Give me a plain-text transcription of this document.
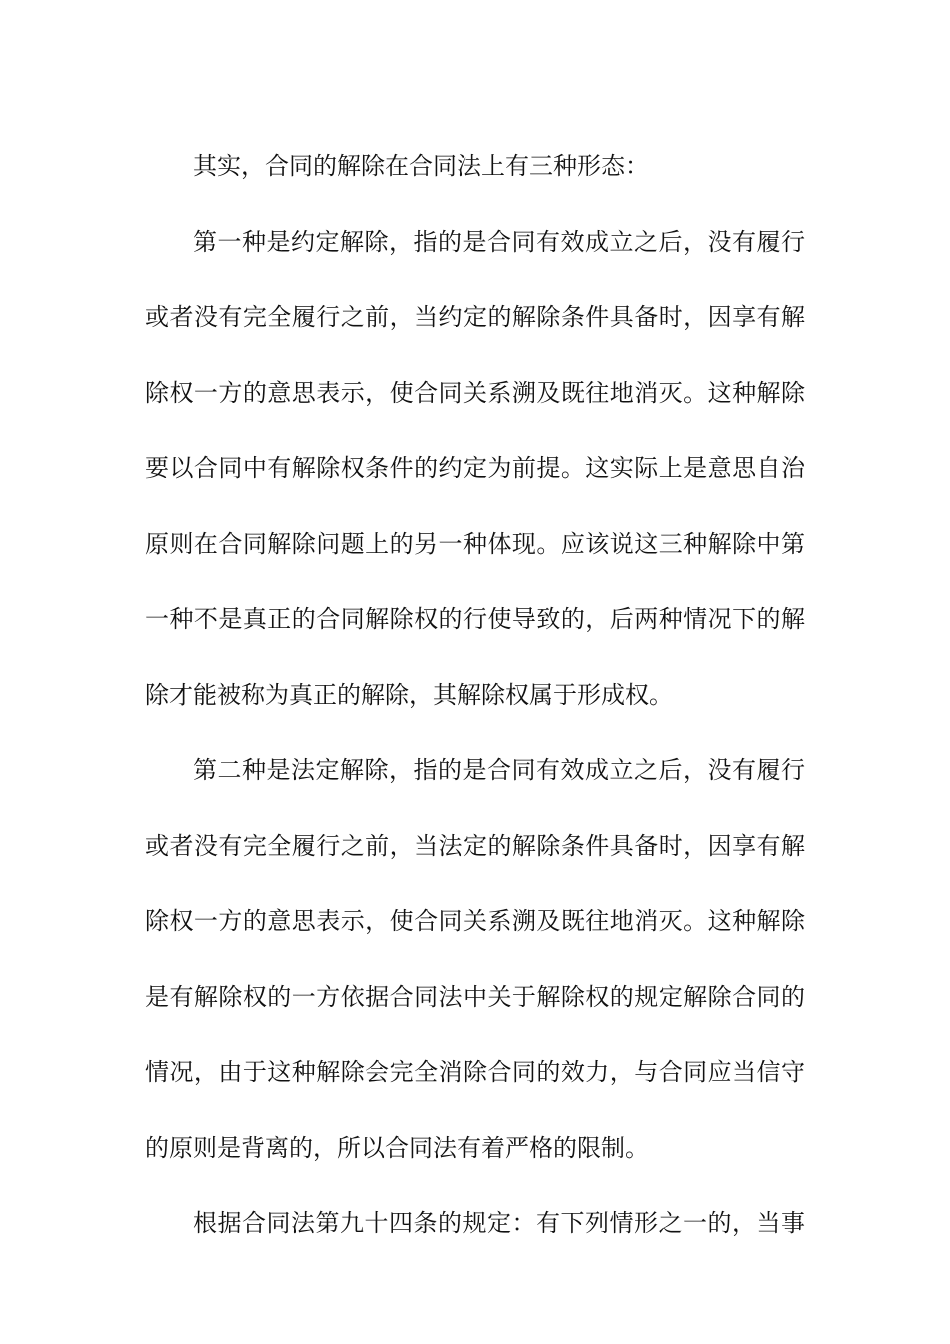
其实，合同的解除在合同法上有三种形态：
第一种是约定解除，指的是合同有效成立之后，没有履行
或者没有完全履行之前，当约定的解除条件具备时，因享有解
除权一方的意思表示，使合同关系溯及既往地消灭。这种解除
要以合同中有解除权条件的约定为前提。这实际上是意思自治
原则在合同解除问题上的另一种体现。应该说这三种解除中第
一种不是真正的合同解除权的行使导致的，后两种情况下的解
除才能被称为真正的解除，其解除权属于形成权。
第二种是法定解除，指的是合同有效成立之后，没有履行
或者没有完全履行之前，当法定的解除条件具备时，因享有解
除权一方的意思表示，使合同关系溯及既往地消灭。这种解除
是有解除权的一方依据合同法中关于解除权的规定解除合同的
情况，由于这种解除会完全消除合同的效力，与合同应当信守
的原则是背离的，所以合同法有着严格的限制。
根据合同法第九十四条的规定：有下列情形之一的，当事
